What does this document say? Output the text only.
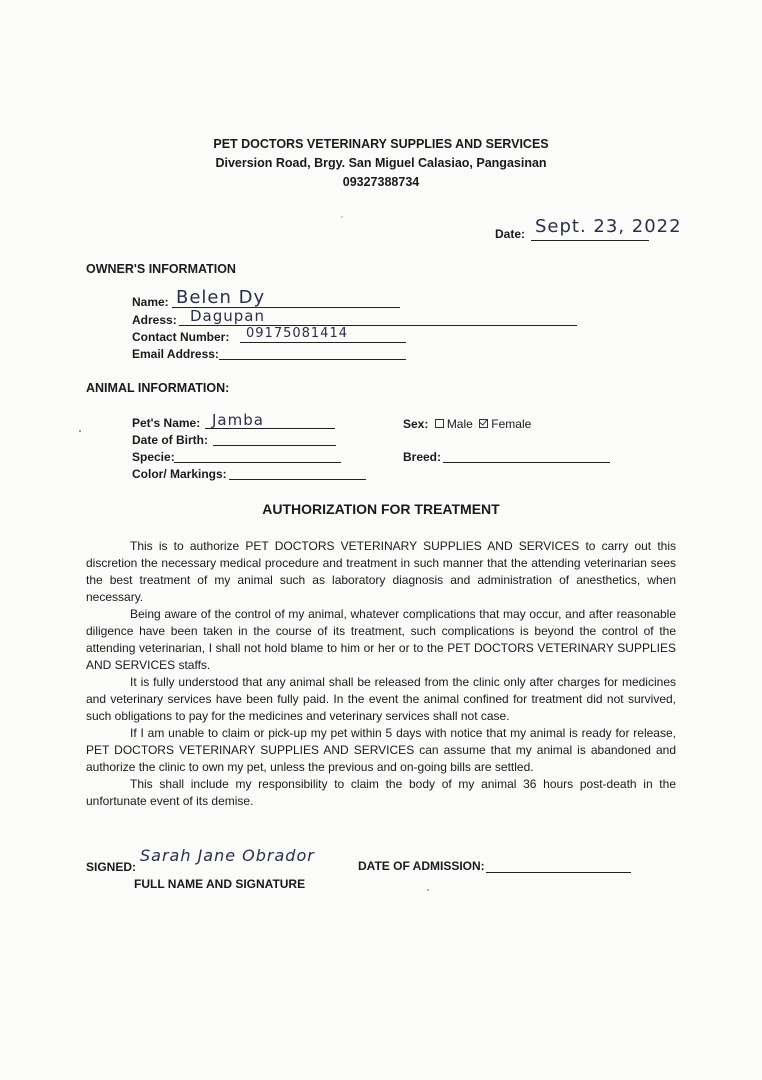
PET DOCTORS VETERINARY SUPPLIES AND SERVICES
Diversion Road, Brgy. San Miguel Calasiao, Pangasinan
09327388734
Date: Sept. 23, 2022
OWNER'S INFORMATION
Name: Belen Dy
Adress: Dagupan
Contact Number: 09175081414
Email Address:
ANIMAL INFORMATION:
Pet's Name: Jamba
Date of Birth:
Specie:
Color/ Markings:
Sex: Male Female
Breed:
AUTHORIZATION FOR TREATMENT

This is to authorize PET DOCTORS VETERINARY SUPPLIES AND SERVICES to carry out this discretion the necessary medical procedure and treatment in such manner that the attending veterinarian sees the best treatment of my animal such as laboratory diagnosis and administration of anesthetics, when necessary.

Being aware of the control of my animal, whatever complications that may occur, and after reasonable diligence have been taken in the course of its treatment, such complications is beyond the control of the attending veterinarian, I shall not hold blame to him or her or to the PET DOCTORS VETERINARY SUPPLIES AND SERVICES staffs.

It is fully understood that any animal shall be released from the clinic only after charges for medicines and veterinary services have been fully paid. In the event the animal confined for treatment did not survived, such obligations to pay for the medicines and veterinary services shall not case.

If I am unable to claim or pick-up my pet within 5 days with notice that my animal is ready for release, PET DOCTORS VETERINARY SUPPLIES AND SERVICES can assume that my animal is abandoned and authorize the clinic to own my pet, unless the previous and on-going bills are settled.

This shall include my responsibility to claim the body of my animal 36 hours post-death in the unfortunate event of its demise.

SIGNED:
Sarah Jane Obrador
FULL NAME AND SIGNATURE
DATE OF ADMISSION:
